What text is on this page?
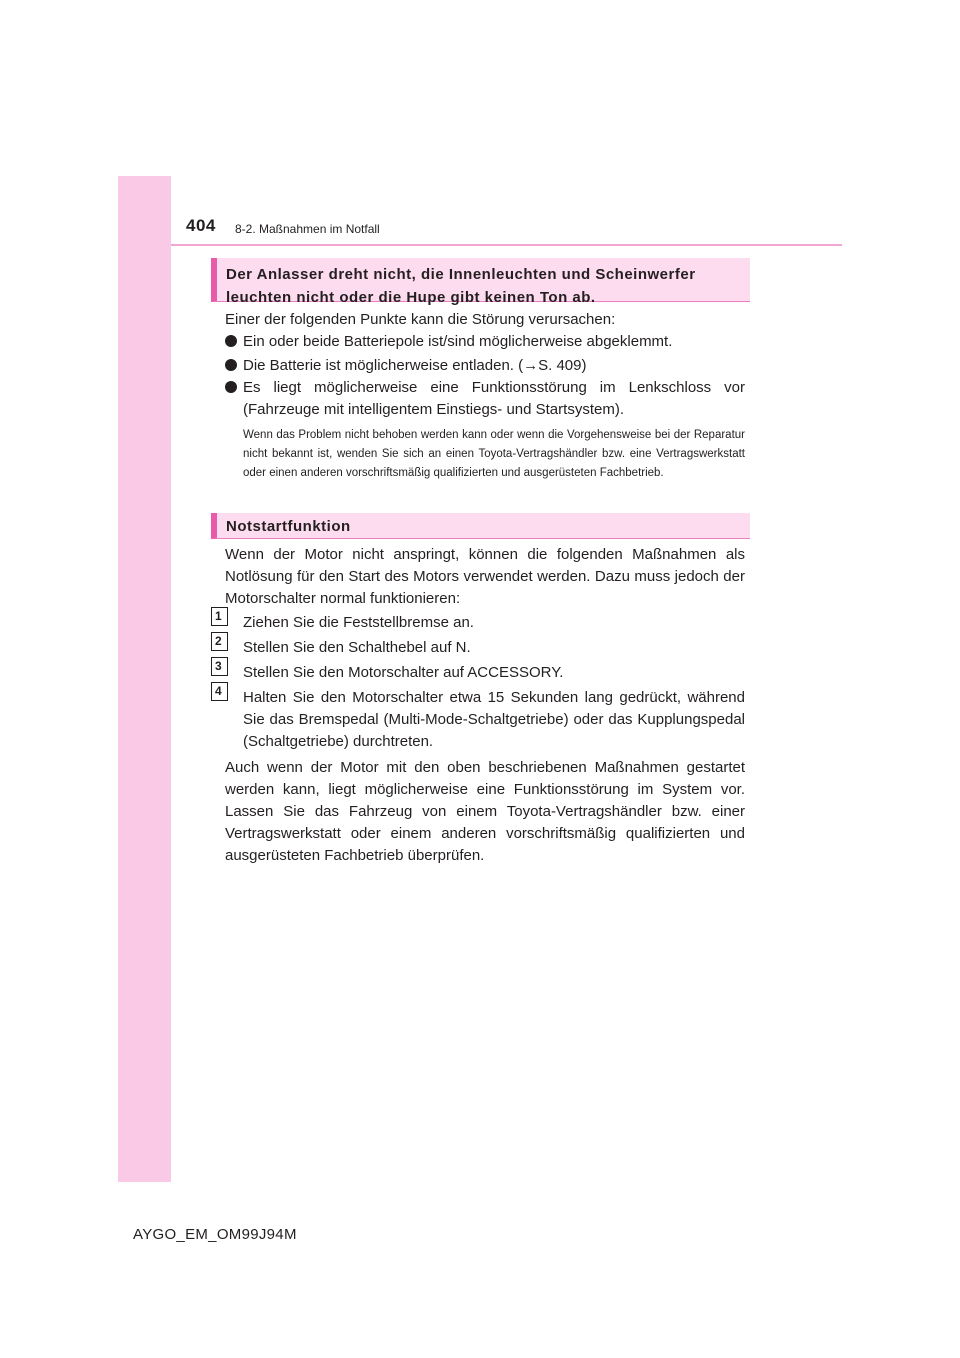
404 8-2. Maßnahmen im Notfall
Der Anlasser dreht nicht, die Innenleuchten und Scheinwerfer leuchten nicht oder die Hupe gibt keinen Ton ab.
Einer der folgenden Punkte kann die Störung verursachen:
Ein oder beide Batteriepole ist/sind möglicherweise abgeklemmt.
Die Batterie ist möglicherweise entladen. (→S. 409)
Es liegt möglicherweise eine Funktionsstörung im Lenkschloss vor (Fahrzeuge mit intelligentem Einstiegs- und Startsystem).
Wenn das Problem nicht behoben werden kann oder wenn die Vorgehensweise bei der Reparatur nicht bekannt ist, wenden Sie sich an einen Toyota-Vertragshändler bzw. eine Vertragswerkstatt oder einen anderen vorschriftsmäßig qualifizierten und ausgerüsteten Fachbetrieb.
Notstartfunktion
Wenn der Motor nicht anspringt, können die folgenden Maßnahmen als Notlösung für den Start des Motors verwendet werden. Dazu muss jedoch der Motorschalter normal funktionieren:
1	Ziehen Sie die Feststellbremse an.
2	Stellen Sie den Schalthebel auf N.
3	Stellen Sie den Motorschalter auf ACCESSORY.
4	Halten Sie den Motorschalter etwa 15 Sekunden lang gedrückt, während Sie das Bremspedal (Multi-Mode-Schaltgetriebe) oder das Kupplungspedal (Schaltgetriebe) durchtreten.
Auch wenn der Motor mit den oben beschriebenen Maßnahmen gestartet werden kann, liegt möglicherweise eine Funktionsstörung im System vor. Lassen Sie das Fahrzeug von einem Toyota-Vertragshändler bzw. einer Vertragswerkstatt oder einem anderen vorschriftsmäßig qualifizierten und ausgerüsteten Fachbetrieb überprüfen.
AYGO_EM_OM99J94M
